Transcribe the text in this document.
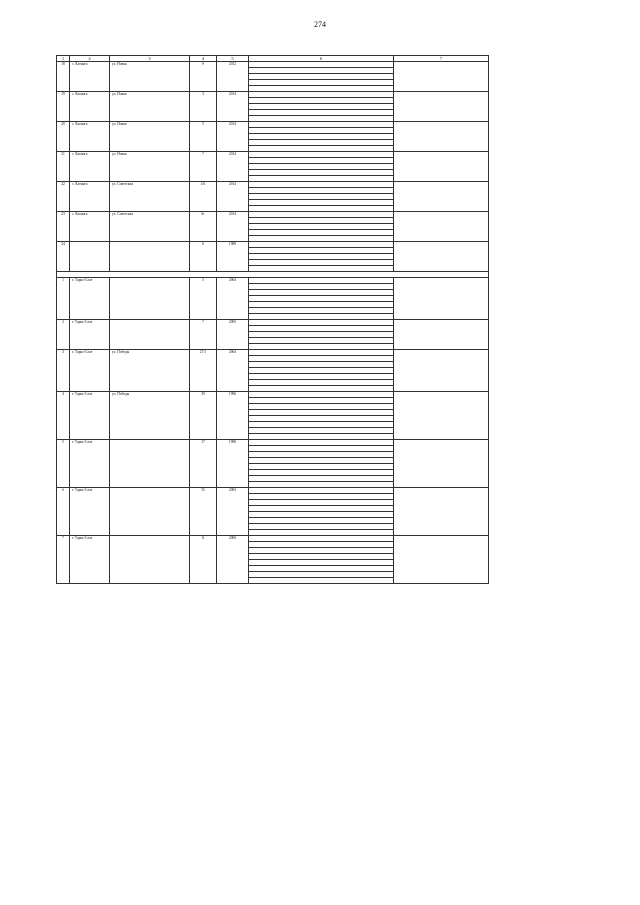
274
1	2	3	4	5	6	7
18	с. Катанга	ул. Новая	9	2012		

19	с. Катанга	ул. Новая	3	2014		

20	с. Катанга	ул. Новая	5	2014		

21	с. Катанга	ул. Новая	7	2014		

22	с. Катанга	ул. Советская	4А	2014		

23	с. Катанга	ул. Советская	6г	2014		

24			6	1989		

1	г. Тарко-Сале		5	2004		

2	г. Тарко-Сале		7	2005		

3	г. Тарко-Сале	ул. Победы	27/1	2004		

4	г. Тарко-Сале	ул. Победы	39	1996		

5	г. Тарко-Сале		17	1998		

6	г. Тарко-Сале		35	2003		

7	г. Тарко-Сале		11	2000		
